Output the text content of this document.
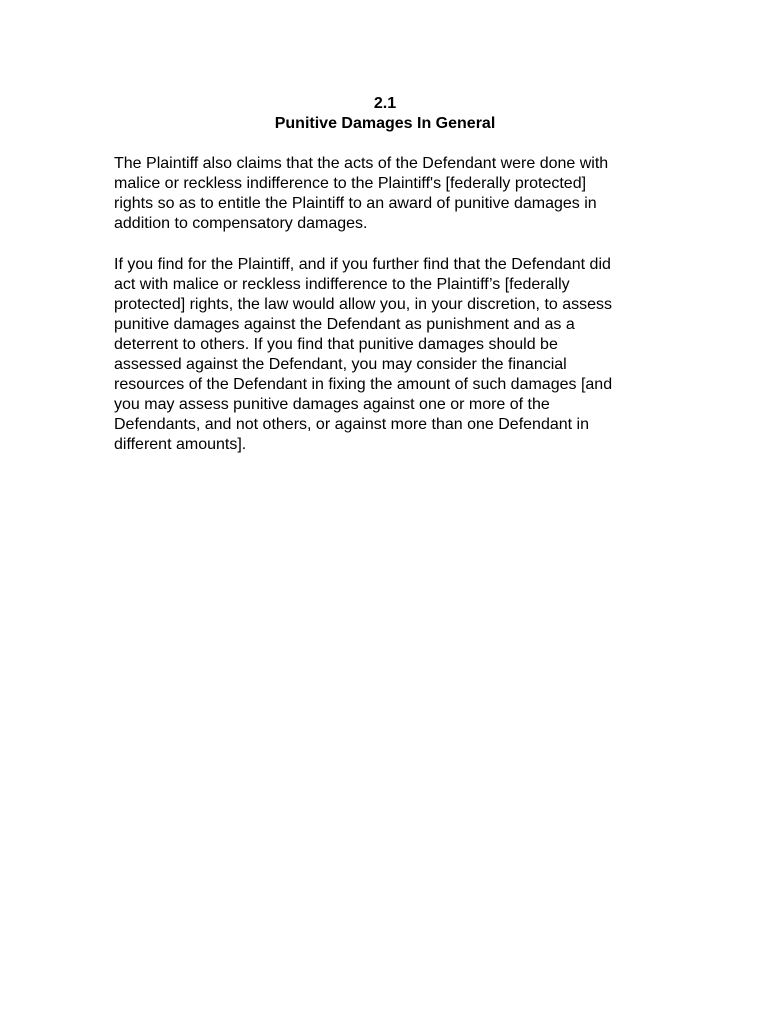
2.1
Punitive Damages In General

The Plaintiff also claims that the acts of the Defendant were done with
malice or reckless indifference to the Plaintiff's [federally protected]
rights so as to entitle the Plaintiff to an award of punitive damages in
addition to compensatory damages.

If you find for the Plaintiff, and if you further find that the Defendant did
act with malice or reckless indifference to the Plaintiff’s [federally
protected] rights, the law would allow you, in your discretion, to assess
punitive damages against the Defendant as punishment and as a
deterrent to others. If you find that punitive damages should be
assessed against the Defendant, you may consider the financial
resources of the Defendant in fixing the amount of such damages [and
you may assess punitive damages against one or more of the
Defendants, and not others, or against more than one Defendant in
different amounts].
